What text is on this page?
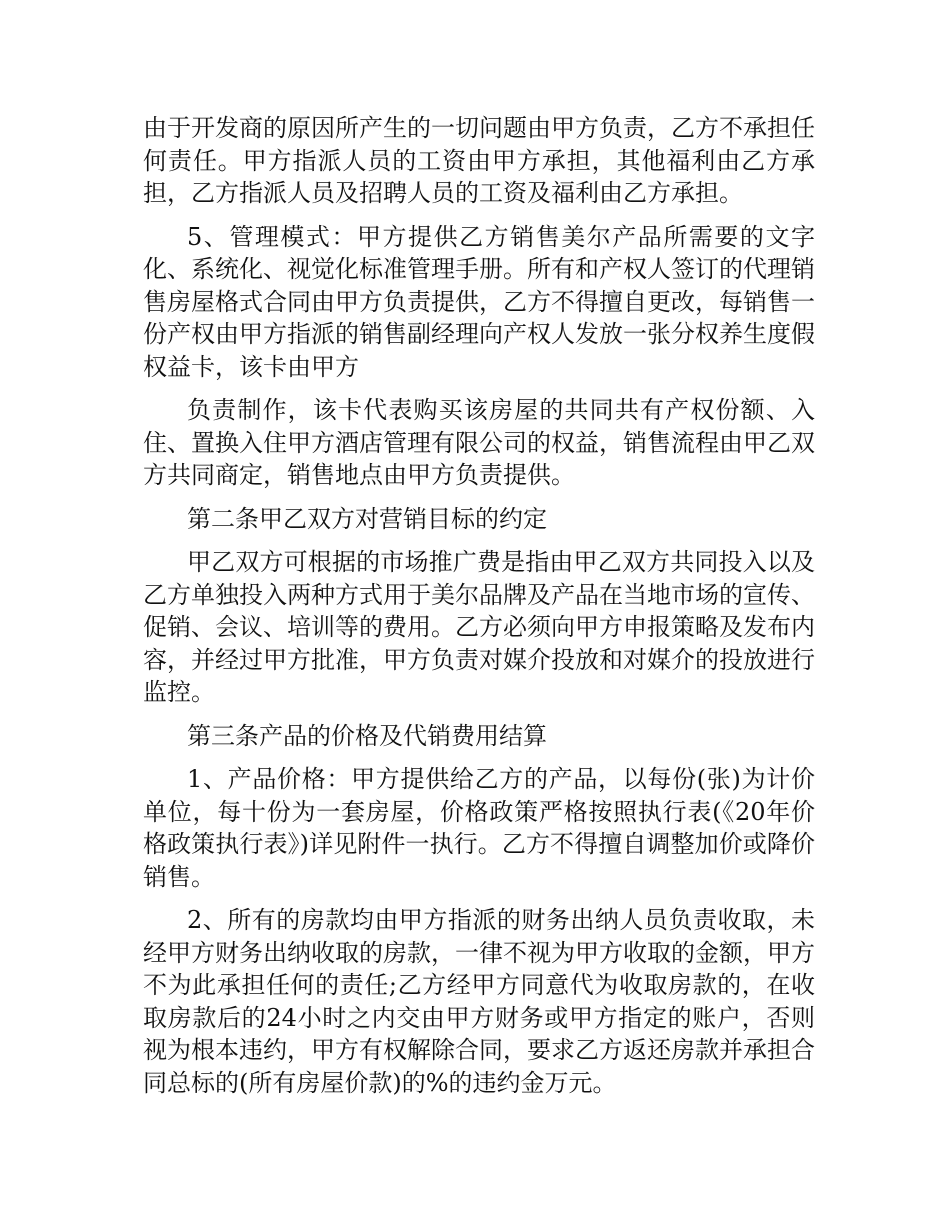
由于开发商的原因所产生的一切问题由甲方负责，乙方不承担任何责任。甲方指派人员的工资由甲方承担，其他福利由乙方承担，乙方指派人员及招聘人员的工资及福利由乙方承担。

5、管理模式：甲方提供乙方销售美尔产品所需要的文字化、系统化、视觉化标准管理手册。所有和产权人签订的代理销售房屋格式合同由甲方负责提供，乙方不得擅自更改，每销售一份产权由甲方指派的销售副经理向产权人发放一张分权养生度假权益卡，该卡由甲方

负责制作，该卡代表购买该房屋的共同共有产权份额、入住、置换入住甲方酒店管理有限公司的权益，销售流程由甲乙双方共同商定，销售地点由甲方负责提供。

第二条甲乙双方对营销目标的约定

甲乙双方可根据的市场推广费是指由甲乙双方共同投入以及乙方单独投入两种方式用于美尔品牌及产品在当地市场的宣传、促销、会议、培训等的费用。乙方必须向甲方申报策略及发布内容，并经过甲方批准，甲方负责对媒介投放和对媒介的投放进行监控。

第三条产品的价格及代销费用结算

1、产品价格：甲方提供给乙方的产品，以每份(张)为计价单位，每十份为一套房屋，价格政策严格按照执行表(《20年价格政策执行表》)详见附件一执行。乙方不得擅自调整加价或降价销售。

2、所有的房款均由甲方指派的财务出纳人员负责收取，未经甲方财务出纳收取的房款，一律不视为甲方收取的金额，甲方不为此承担任何的责任;乙方经甲方同意代为收取房款的，在收取房款后的24小时之内交由甲方财务或甲方指定的账户，否则视为根本违约，甲方有权解除合同，要求乙方返还房款并承担合同总标的(所有房屋价款)的%的违约金万元。
